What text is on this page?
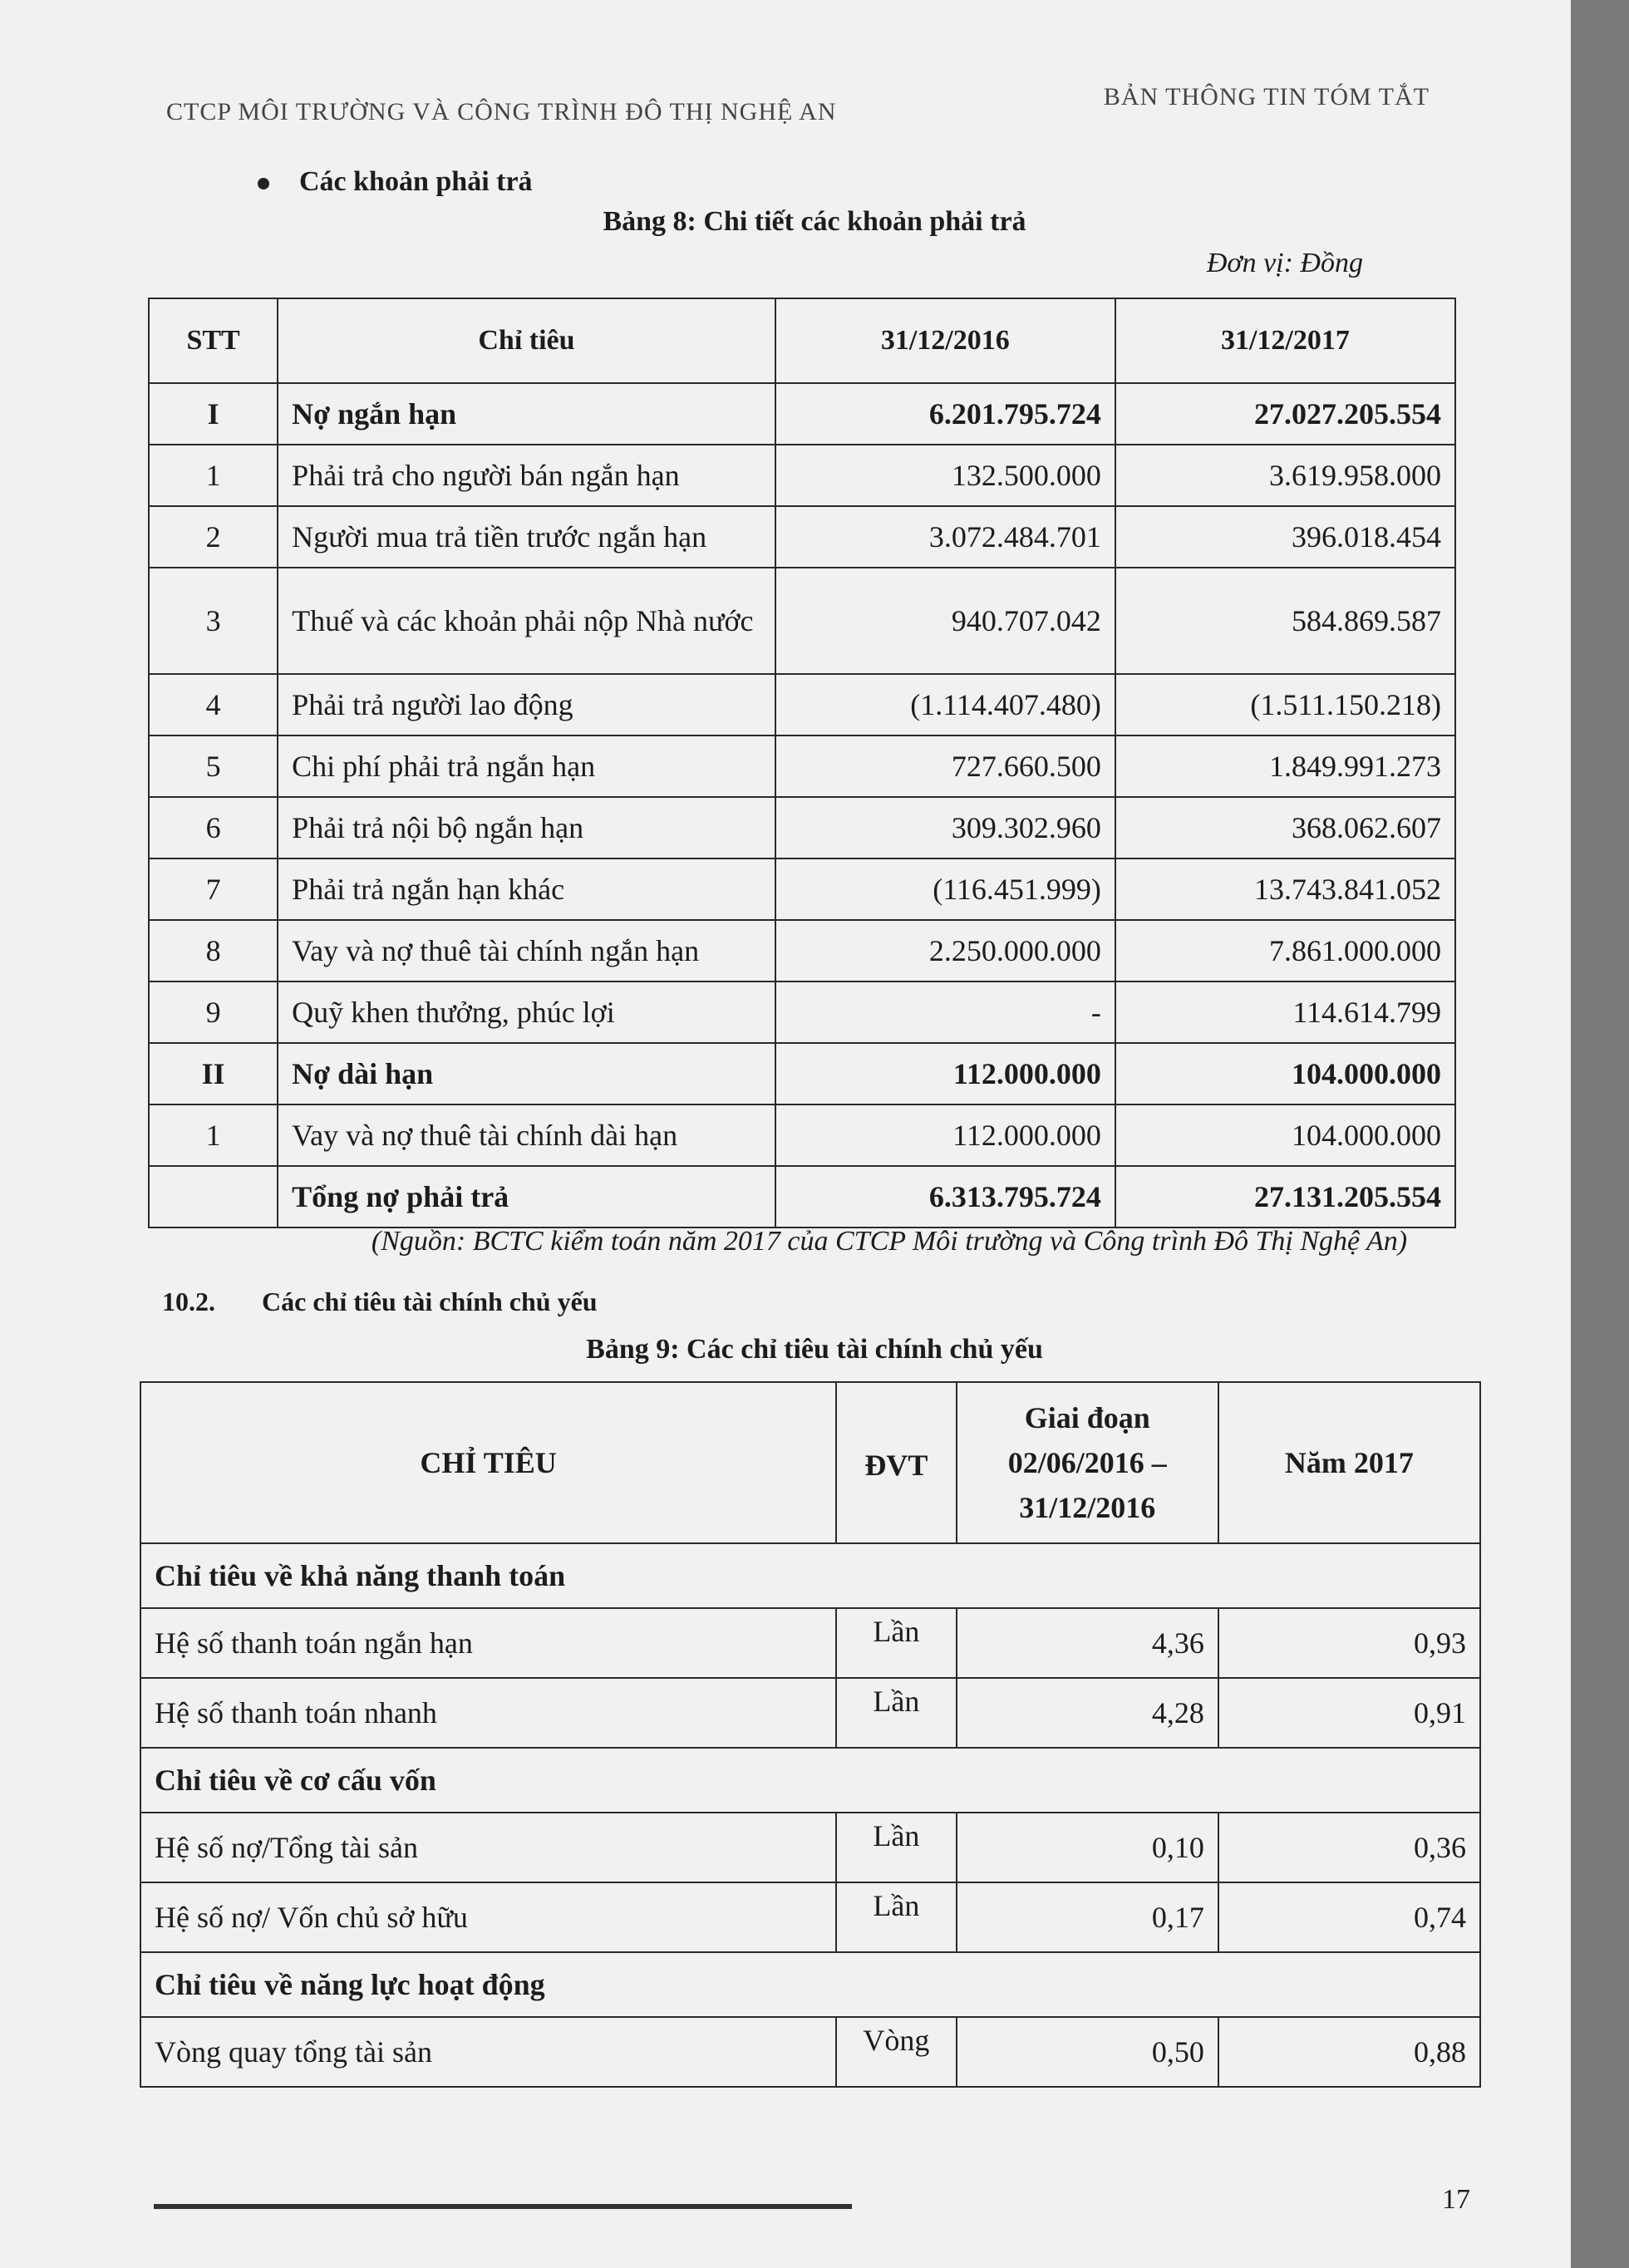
CTCP MÔI TRƯỜNG VÀ CÔNG TRÌNH ĐÔ THỊ NGHỆ AN
BẢN THÔNG TIN TÓM TẮT
Các khoản phải trả
Bảng 8: Chi tiết các khoản phải trả
Đơn vị: Đồng
STT	Chỉ tiêu	31/12/2016	31/12/2017
I	Nợ ngắn hạn	6.201.795.724	27.027.205.554
1	Phải trả cho người bán ngắn hạn	132.500.000	3.619.958.000
2	Người mua trả tiền trước ngắn hạn	3.072.484.701	396.018.454
3	Thuế và các khoản phải nộp Nhà nước	940.707.042	584.869.587
4	Phải trả người lao động	(1.114.407.480)	(1.511.150.218)
5	Chi phí phải trả ngắn hạn	727.660.500	1.849.991.273
6	Phải trả nội bộ ngắn hạn	309.302.960	368.062.607
7	Phải trả ngắn hạn khác	(116.451.999)	13.743.841.052
8	Vay và nợ thuê tài chính ngắn hạn	2.250.000.000	7.861.000.000
9	Quỹ khen thưởng, phúc lợi	-	114.614.799
II	Nợ dài hạn	112.000.000	104.000.000
1	Vay và nợ thuê tài chính dài hạn	112.000.000	104.000.000
	Tổng nợ phải trả	6.313.795.724	27.131.205.554
(Nguồn: BCTC kiểm toán năm 2017 của CTCP Môi trường và Công trình Đô Thị Nghệ An)
10.2. Các chỉ tiêu tài chính chủ yếu
Bảng 9: Các chỉ tiêu tài chính chủ yếu
CHỈ TIÊU	ĐVT	Giai đoạn
02/06/2016 –
31/12/2016	Năm 2017
Chỉ tiêu về khả năng thanh toán			
Hệ số thanh toán ngắn hạn	Lần	4,36	0,93
Hệ số thanh toán nhanh	Lần	4,28	0,91
Chỉ tiêu về cơ cấu vốn			
Hệ số nợ/Tổng tài sản	Lần	0,10	0,36
Hệ số nợ/ Vốn chủ sở hữu	Lần	0,17	0,74
Chỉ tiêu về năng lực hoạt động			
Vòng quay tổng tài sản	Vòng	0,50	0,88
17
